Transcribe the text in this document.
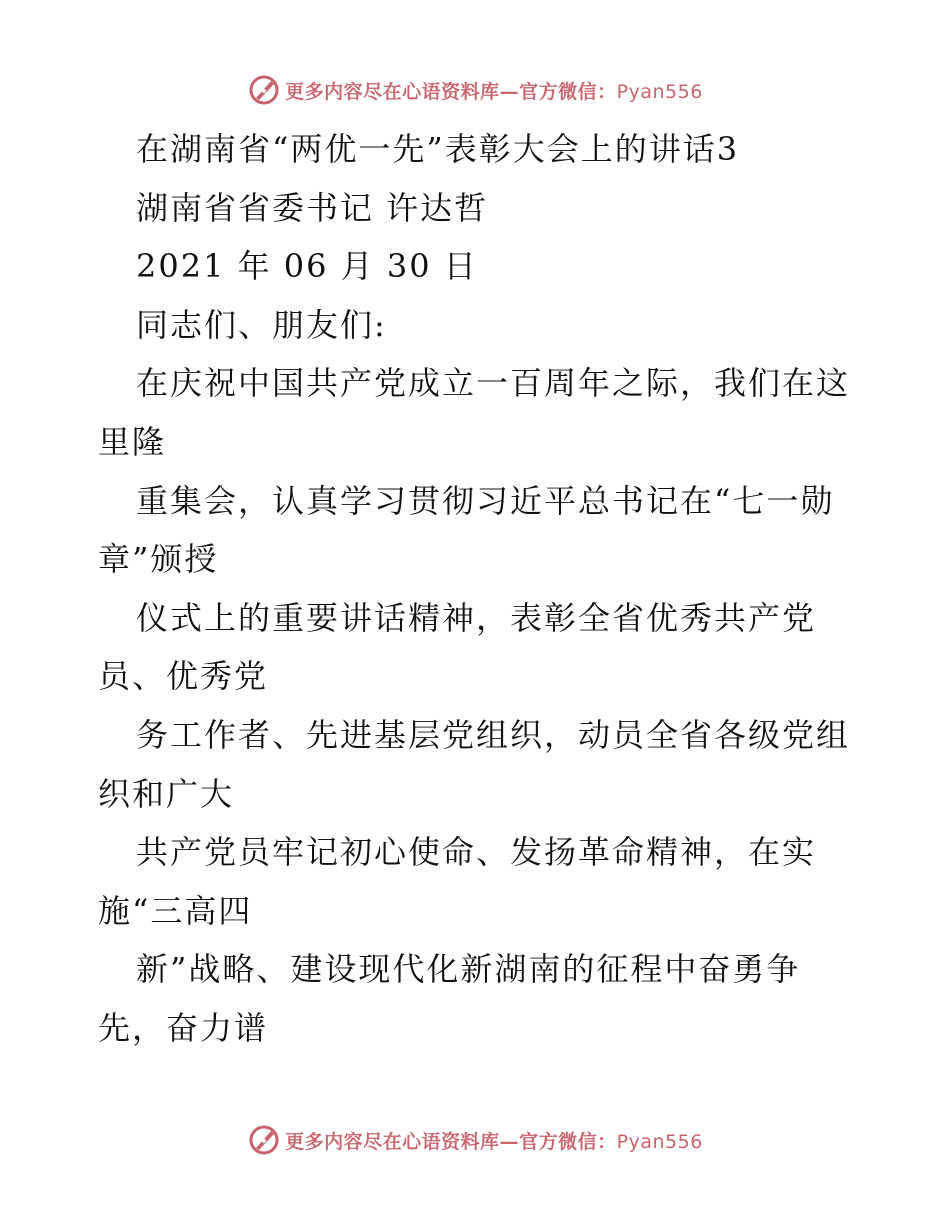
更多内容尽在心语资料库—官方微信：Pyan556
在湖南省“两优一先”表彰大会上的讲话3
湖南省省委书记 许达哲
2021 年 06 月 30 日
同志们、朋友们:
在庆祝中国共产党成立一百周年之际，我们在这
里隆
重集会，认真学习贯彻习近平总书记在“七一勋
章”颁授
仪式上的重要讲话精神，表彰全省优秀共产党
员、优秀党
务工作者、先进基层党组织，动员全省各级党组
织和广大
共产党员牢记初心使命、发扬革命精神，在实
施“三高四
新”战略、建设现代化新湖南的征程中奋勇争
先，奋力谱
更多内容尽在心语资料库—官方微信：Pyan556
